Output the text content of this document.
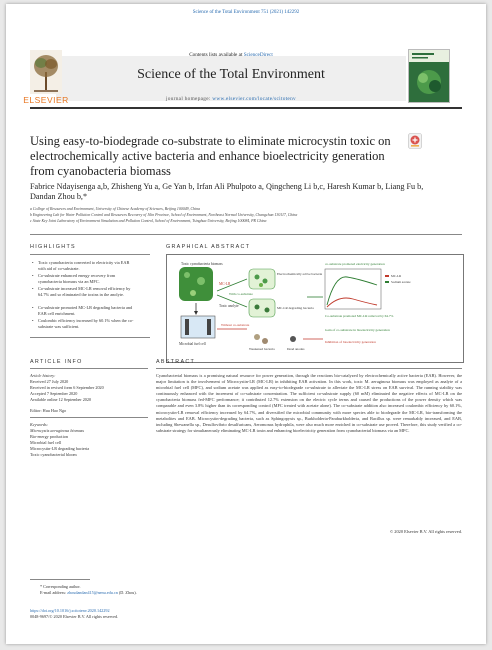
Science of the Total Environment 751 (2021) 142292
Contents lists available at ScienceDirect
Science of the Total Environment
journal homepage: www.elsevier.com/locate/scitotenv
ELSEVIER
Using easy-to-biodegrade co-substrate to eliminate microcystin toxic on electrochemically active bacteria and enhance bioelectricity generation from cyanobacteria biomass
Fabrice Ndayisenga a,b, Zhisheng Yu a, Ge Yan b, Irfan Ali Phulpoto a, Qingcheng Li b,c, Haresh Kumar b, Liang Fu b, Dandan Zhou b,*
a College of Resources and Environment, University of Chinese Academy of Sciences, Beijing 100049, China
b Engineering Lab for Water Pollution Control and Resources Recovery of Jilin Province, School of Environment, Northeast Normal University, Changchun 130117, China
c State Key Joint Laboratory of Environment Simulation and Pollution Control, School of Environment, Tsinghua University, Beijing 100084, PR China
HIGHLIGHTS	GRAPHICAL ABSTRACT
• Toxic cyanobacteria converted to electricity via EAB with aid of co-substrate.
• Co-substrate enhanced energy recovery from cyanobacteria biomass via an MFC.
• Co-substrate increased MC-LR removal efficiency by 64.7% and so eliminated the toxins in the anolyte.
• Co-substrate promoted MC-LR degrading bacteria and EAB cell enrichment.
• Coulombic efficiency increased by 60.1% when the co-substrate was sufficient.
Toxic cyanobacteria biomass
Microbial fuel cell
MC-LR
Toxic anolyte
Electrochemically active bacteria
MC-LR degrading bacteria
With co-substrate
Without co-substrate
Weakened bacteria	Dead anodes
co-substrate promoted electricity generation
MC-LR
Sodium acetate
Co-substrate promoted MC-LR removal by 64.7%
Gain of co-substrate in bioelectricity generation
Inhibition of bioelectricity generation
ARTICLE INFO	ABSTRACT
Article history:
Received 27 July 2020
Received in revised form 6 September 2020
Accepted 7 September 2020
Available online 12 September 2020
Editor: Huu Hao Ngo
Keywords:
Microcystis aeruginosa biomass
Bio-energy production
Microbial fuel cell
Microcystin-LR degrading bacteria
Toxic cyanobacterial bloom
Cyanobacterial biomass is a promising natural resource for power generation, through the reactions bio-catalyzed by electrochemically active bacteria (EAB). However, the major limitation is the involvement of Microcystin-LR (MC-LR) in inhibiting EAB activation. In this work, toxic M. aeruginosa biomass was employed as analyte of a microbial fuel cell (MFC), and sodium acetate was applied as easy-to-biodegrade co-substrate to alleviate the MC-LR stress on EAB survival. The running stability was continuously enhanced with the increment of co-substrate concentration. The sufficient co-substrate supply (60 mM) eliminated the negative effects of MC-LR on the cyanobacteria biomass fed-MFC performance; it contributed 12.7% extension on the electric cycle terms and caused the productions of the power density which was comparable and even 3.8% higher than its corresponding control (MFC treated with acetate alone). The co-substrate addition also increased coulombic efficiency by 60.1%, microcystin-LR removal efficiency increased by 64.7%, and diversified the microbial community with more species able to biodegrade the MC-LR, bio-transforming the metabolites and EAB. Microcystin-degrading bacteria, such as Sphingopyxis sp., Burkholderia-Paraburkholderia, and Bacillus sp. were remarkably increased, and EAB, including Shewanella sp., Desulfovibrio desulfuricans, Aeromonas hydrophila, were also much more enriched in co-substrate use proved. Therefore, this study verified a co-substrate strategy for simultaneously eliminating MC-LR toxin and enhancing bioelectricity generation from cyanobacterial biomass via an MFC.
© 2020 Elsevier B.V. All rights reserved.
* Corresponding author.
E-mail address: zhoudandan415@nenu.edu.cn (D. Zhou).
https://doi.org/10.1016/j.scitotenv.2020.142292
0048-9697/© 2020 Elsevier B.V. All rights reserved.
